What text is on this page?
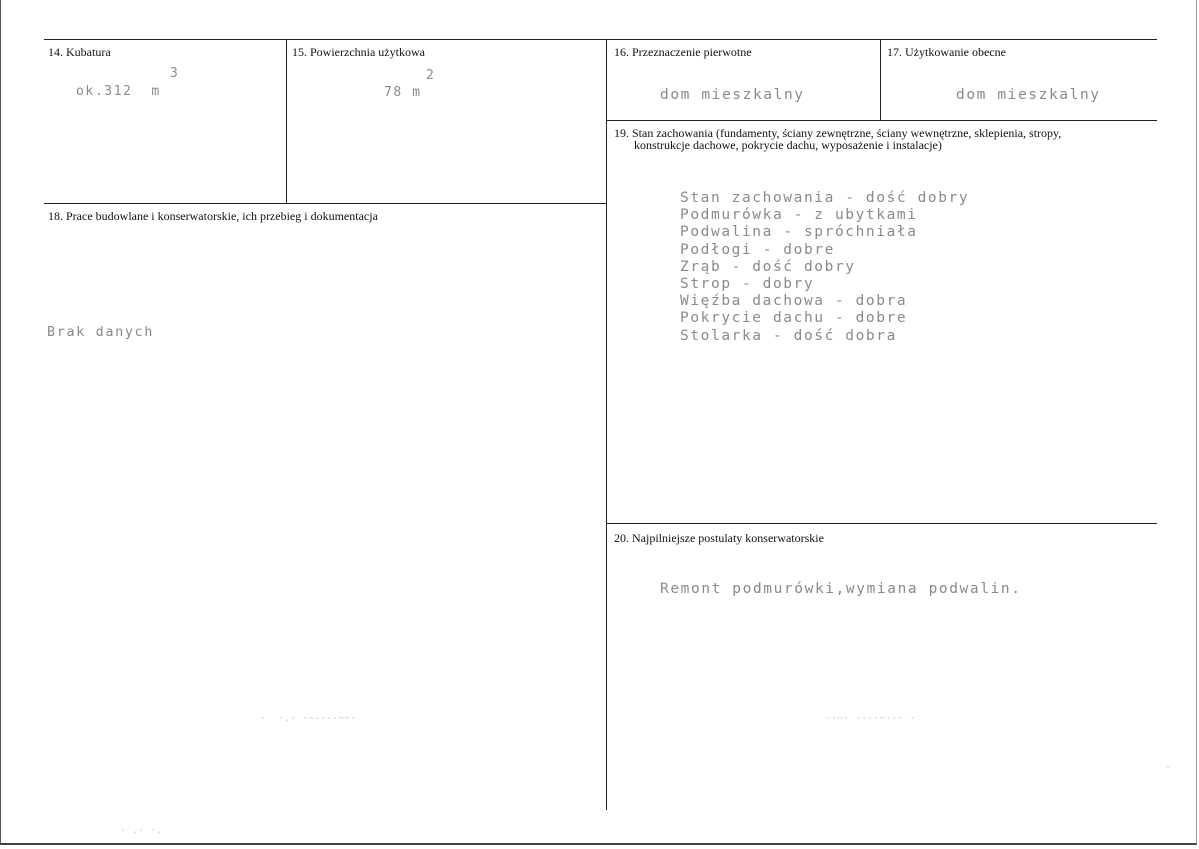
14. Kubatura
3
ok.312  m
15. Powierzchnia użytkowa
2
78 m
16. Przeznaczenie pierwotne
dom mieszkalny
17. Użytkowanie obecne
dom mieszkalny
19. Stan zachowania (fundamenty, ściany zewnętrzne, ściany wewnętrzne, sklepienia, stropy,
konstrukcje dachowe, pokrycie dachu, wyposażenie i instalacje)
Stan zachowania - dość dobry
Podmurówka - z ubytkami
Podwalina - spróchniała
Podłogi - dobre
Zrąb - dość dobry
Strop - dobry
Więźba dachowa - dobra
Pokrycie dachu - dobre
Stolarka - dość dobra
18. Prace budowlane i konserwatorskie, ich przebieg i dokumentacja
Brak danych
20. Najpilniejsze postulaty konserwatorskie
Remont podmurówki,wymiana podwalin.
·  ·.- ·~-·-·~~·	-·~· -·-·~·-· ·
· .· ·.
.
